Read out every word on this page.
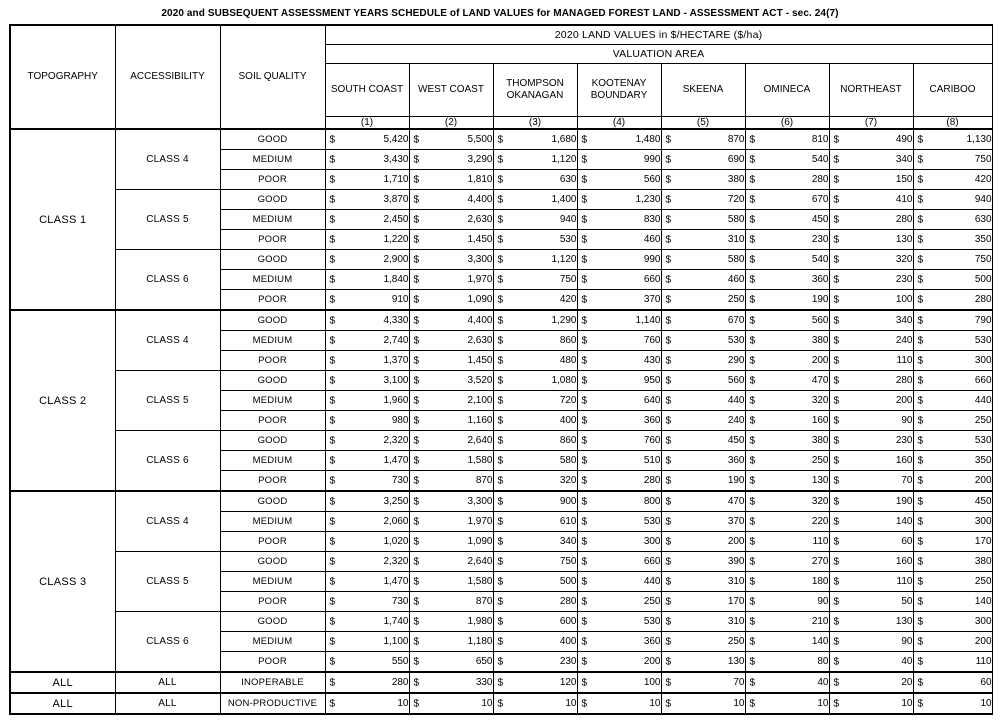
2020 and SUBSEQUENT ASSESSMENT YEARS SCHEDULE of LAND VALUES for MANAGED FOREST LAND - ASSESSMENT ACT - sec. 24(7)
TOPOGRAPHY	ACCESSIBILITY	SOIL QUALITY	2020 LAND VALUES in $/HECTARE ($/ha)							
			VALUATION AREA							
			SOUTH COAST	WEST COAST	THOMPSON OKANAGAN	KOOTENAY BOUNDARY	SKEENA	OMINECA	NORTHEAST	CARIBOO
			(1)	(2)	(3)	(4)	(5)	(6)	(7)	(8)
CLASS 1	CLASS 4	GOOD	$ 5,420	$ 5,500	$ 1,680	$ 1,480	$ 870	$ 810	$ 490	$ 1,130

		MEDIUM	$ 3,430	$ 3,290	$ 1,120	$ 990	$ 690	$ 540	$ 340	$ 750

		POOR	$ 1,710	$ 1,810	$ 630	$ 560	$ 380	$ 280	$ 150	$ 420

	CLASS 5	GOOD	$ 3,870	$ 4,400	$ 1,400	$ 1,230	$ 720	$ 670	$ 410	$ 940

		MEDIUM	$ 2,450	$ 2,630	$ 940	$ 830	$ 580	$ 450	$ 280	$ 630

		POOR	$ 1,220	$ 1,450	$ 530	$ 460	$ 310	$ 230	$ 130	$ 350

	CLASS 6	GOOD	$ 2,900	$ 3,300	$ 1,120	$ 990	$ 580	$ 540	$ 320	$ 750

		MEDIUM	$ 1,840	$ 1,970	$ 750	$ 660	$ 460	$ 360	$ 230	$ 500

		POOR	$ 910	$ 1,090	$ 420	$ 370	$ 250	$ 190	$ 100	$ 280

CLASS 2	CLASS 4	GOOD	$ 4,330	$ 4,400	$ 1,290	$ 1,140	$ 670	$ 560	$ 340	$ 790

		MEDIUM	$ 2,740	$ 2,630	$ 860	$ 760	$ 530	$ 380	$ 240	$ 530

		POOR	$ 1,370	$ 1,450	$ 480	$ 430	$ 290	$ 200	$ 110	$ 300

	CLASS 5	GOOD	$ 3,100	$ 3,520	$ 1,080	$ 950	$ 560	$ 470	$ 280	$ 660

		MEDIUM	$ 1,960	$ 2,100	$ 720	$ 640	$ 440	$ 320	$ 200	$ 440

		POOR	$ 980	$ 1,160	$ 400	$ 360	$ 240	$ 160	$ 90	$ 250

	CLASS 6	GOOD	$ 2,320	$ 2,640	$ 860	$ 760	$ 450	$ 380	$ 230	$ 530

		MEDIUM	$ 1,470	$ 1,580	$ 580	$ 510	$ 360	$ 250	$ 160	$ 350

		POOR	$ 730	$ 870	$ 320	$ 280	$ 190	$ 130	$ 70	$ 200

CLASS 3	CLASS 4	GOOD	$ 3,250	$ 3,300	$ 900	$ 800	$ 470	$ 320	$ 190	$ 450

		MEDIUM	$ 2,060	$ 1,970	$ 610	$ 530	$ 370	$ 220	$ 140	$ 300

		POOR	$ 1,020	$ 1,090	$ 340	$ 300	$ 200	$ 110	$ 60	$ 170

	CLASS 5	GOOD	$ 2,320	$ 2,640	$ 750	$ 660	$ 390	$ 270	$ 160	$ 380

		MEDIUM	$ 1,470	$ 1,580	$ 500	$ 440	$ 310	$ 180	$ 110	$ 250

		POOR	$ 730	$ 870	$ 280	$ 250	$ 170	$ 90	$ 50	$ 140

	CLASS 6	GOOD	$ 1,740	$ 1,980	$ 600	$ 530	$ 310	$ 210	$ 130	$ 300

		MEDIUM	$ 1,100	$ 1,180	$ 400	$ 360	$ 250	$ 140	$ 90	$ 200

		POOR	$ 550	$ 650	$ 230	$ 200	$ 130	$ 80	$ 40	$ 110

ALL	ALL	INOPERABLE	$ 280	$ 330	$ 120	$ 100	$ 70	$ 40	$ 20	$ 60

ALL	ALL	NON-PRODUCTIVE	$ 10	$ 10	$ 10	$ 10	$ 10	$ 10	$ 10	$ 10
